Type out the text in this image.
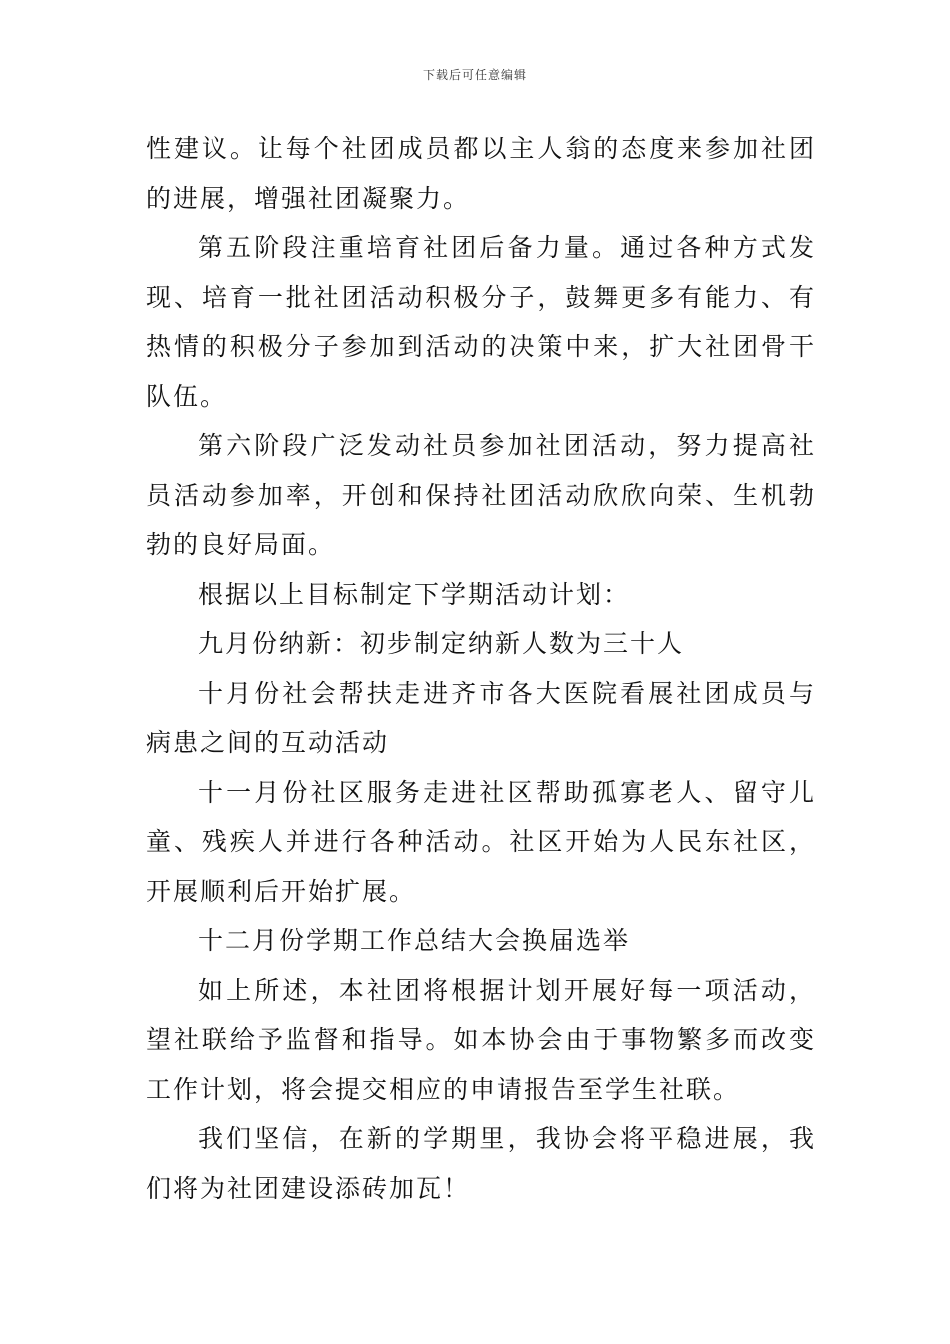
下载后可任意编辑

性建议。让每个社团成员都以主人翁的态度来参加社团的进展，增强社团凝聚力。

第五阶段注重培育社团后备力量。通过各种方式发现、培育一批社团活动积极分子，鼓舞更多有能力、有热情的积极分子参加到活动的决策中来，扩大社团骨干队伍。

第六阶段广泛发动社员参加社团活动，努力提高社员活动参加率，开创和保持社团活动欣欣向荣、生机勃勃的良好局面。

根据以上目标制定下学期活动计划：

九月份纳新：初步制定纳新人数为三十人

十月份社会帮扶走进齐市各大医院看展社团成员与病患之间的互动活动

十一月份社区服务走进社区帮助孤寡老人、留守儿童、残疾人并进行各种活动。社区开始为人民东社区，开展顺利后开始扩展。

十二月份学期工作总结大会换届选举

如上所述，本社团将根据计划开展好每一项活动，望社联给予监督和指导。如本协会由于事物繁多而改变工作计划，将会提交相应的申请报告至学生社联。

我们坚信，在新的学期里，我协会将平稳进展，我们将为社团建设添砖加瓦！
